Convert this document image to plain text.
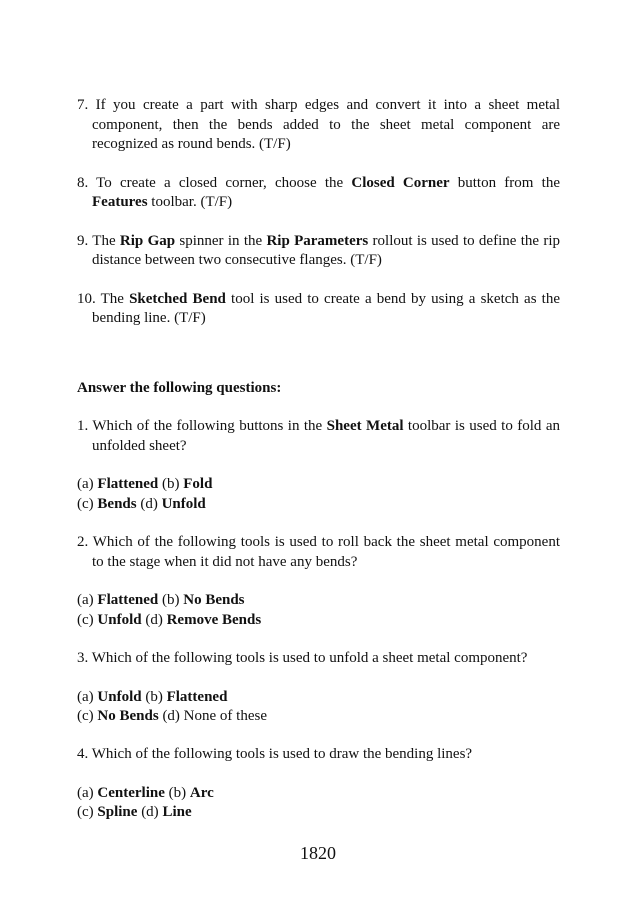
7. If you create a part with sharp edges and convert it into a sheet metal component, then the bends added to the sheet metal component are recognized as round bends. (T/F)

8. To create a closed corner, choose the Closed Corner button from the Features toolbar. (T/F)

9. The Rip Gap spinner in the Rip Parameters rollout is used to define the rip distance between two consecutive flanges. (T/F)

10. The Sketched Bend tool is used to create a bend by using a sketch as the bending line. (T/F)

Answer the following questions:

1. Which of the following buttons in the Sheet Metal toolbar is used to fold an unfolded sheet?

(a) Flattened (b) Fold
(c) Bends (d) Unfold

2. Which of the following tools is used to roll back the sheet metal component to the stage when it did not have any bends?

(a) Flattened (b) No Bends
(c) Unfold (d) Remove Bends

3. Which of the following tools is used to unfold a sheet metal component?

(a) Unfold (b) Flattened
(c) No Bends (d) None of these

4. Which of the following tools is used to draw the bending lines?

(a) Centerline (b) Arc
(c) Spline (d) Line
1820
